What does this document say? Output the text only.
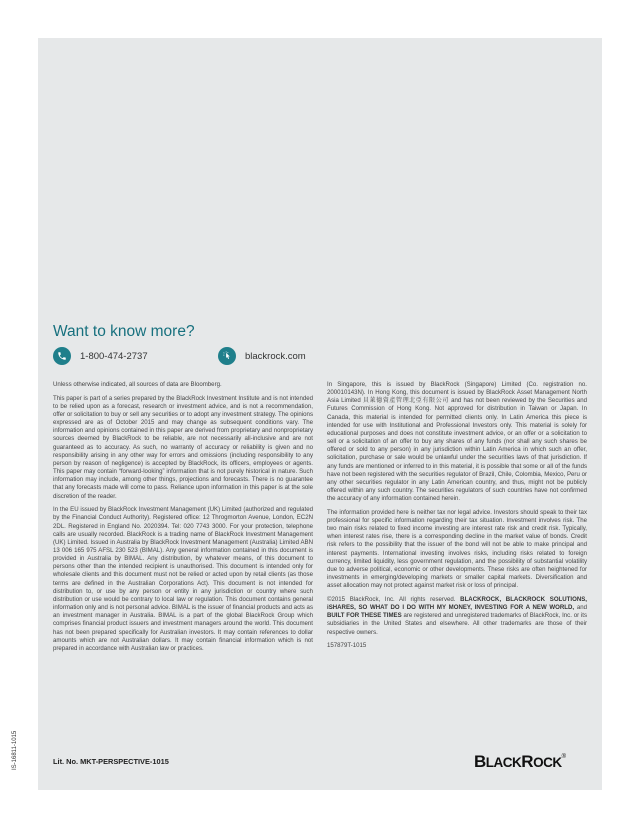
Want to know more?
1-800-474-2737	blackrock.com

Unless otherwise indicated, all sources of data are Bloomberg.

This paper is part of a series prepared by the BlackRock Investment Institute and is not intended to be relied upon as a forecast, research or investment advice, and is not a recommendation, offer or solicitation to buy or sell any securities or to adopt any investment strategy. The opinions expressed are as of October 2015 and may change as subsequent conditions vary. The information and opinions contained in this paper are derived from proprietary and nonproprietary sources deemed by BlackRock to be reliable, are not necessarily all-inclusive and are not guaranteed as to accuracy. As such, no warranty of accuracy or reliability is given and no responsibility arising in any other way for errors and omissions (including responsibility to any person by reason of negligence) is accepted by BlackRock, its officers, employees or agents. This paper may contain “forward-looking” information that is not purely historical in nature. Such information may include, among other things, projections and forecasts. There is no guarantee that any forecasts made will come to pass. Reliance upon information in this paper is at the sole discretion of the reader.

In the EU issued by BlackRock Investment Management (UK) Limited (authorized and regulated by the Financial Conduct Authority). Registered office: 12 Throgmorton Avenue, London, EC2N 2DL. Registered in England No. 2020394. Tel: 020 7743 3000. For your protection, telephone calls are usually recorded. BlackRock is a trading name of BlackRock Investment Management (UK) Limited. Issued in Australia by BlackRock Investment Management (Australia) Limited ABN 13 006 165 975 AFSL 230 523 (BIMAL). Any general information contained in this document is provided in Australia by BIMAL. Any distribution, by whatever means, of this document to persons other than the intended recipient is unauthorised. This document is intended only for wholesale clients and this document must not be relied or acted upon by retail clients (as those terms are defined in the Australian Corporations Act). This document is not intended for distribution to, or use by any person or entity in any jurisdiction or country where such distribution or use would be contrary to local law or regulation. This document contains general information only and is not personal advice. BIMAL is the issuer of financial products and acts as an investment manager in Australia. BIMAL is a part of the global BlackRock Group which comprises financial product issuers and investment managers around the world. This document has not been prepared specifically for Australian investors. It may contain references to dollar amounts which are not Australian dollars. It may contain financial information which is not prepared in accordance with Australian law or practices.

In Singapore, this is issued by BlackRock (Singapore) Limited (Co. registration no. 200010143N). In Hong Kong, this document is issued by BlackRock Asset Management North Asia Limited 貝萊德資產管理北亞有限公司 and has not been reviewed by the Securities and Futures Commission of Hong Kong. Not approved for distribution in Taiwan or Japan. In Canada, this material is intended for permitted clients only. In Latin America this piece is intended for use with Institutional and Professional Investors only. This material is solely for educational purposes and does not constitute investment advice, or an offer or a solicitation to sell or a solicitation of an offer to buy any shares of any funds (nor shall any such shares be offered or sold to any person) in any jurisdiction within Latin America in which such an offer, solicitation, purchase or sale would be unlawful under the securities laws of that jurisdiction. If any funds are mentioned or inferred to in this material, it is possible that some or all of the funds have not been registered with the securities regulator of Brazil, Chile, Colombia, Mexico, Peru or any other securities regulator in any Latin American country, and thus, might not be publicly offered within any such country. The securities regulators of such countries have not confirmed the accuracy of any information contained herein.

The information provided here is neither tax nor legal advice. Investors should speak to their tax professional for specific information regarding their tax situation. Investment involves risk. The two main risks related to fixed income investing are interest rate risk and credit risk. Typically, when interest rates rise, there is a corresponding decline in the market value of bonds. Credit risk refers to the possibility that the issuer of the bond will not be able to make principal and interest payments. International investing involves risks, including risks related to foreign currency, limited liquidity, less government regulation, and the possibility of substantial volatility due to adverse political, economic or other developments. These risks are often heightened for investments in emerging/developing markets or smaller capital markets. Diversification and asset allocation may not protect against market risk or loss of principal.

©2015 BlackRock, Inc. All rights reserved. BLACKROCK, BLACKROCK SOLUTIONS, iSHARES, SO WHAT DO I DO WITH MY MONEY, INVESTING FOR A NEW WORLD, and BUILT FOR THESE TIMES are registered and unregistered trademarks of BlackRock, Inc. or its subsidiaries in the United States and elsewhere. All other trademarks are those of their respective owners.

157879T-1015

Lit. No. MKT-PERSPECTIVE-1015	BLACKROCK®
IS-16811-1015
